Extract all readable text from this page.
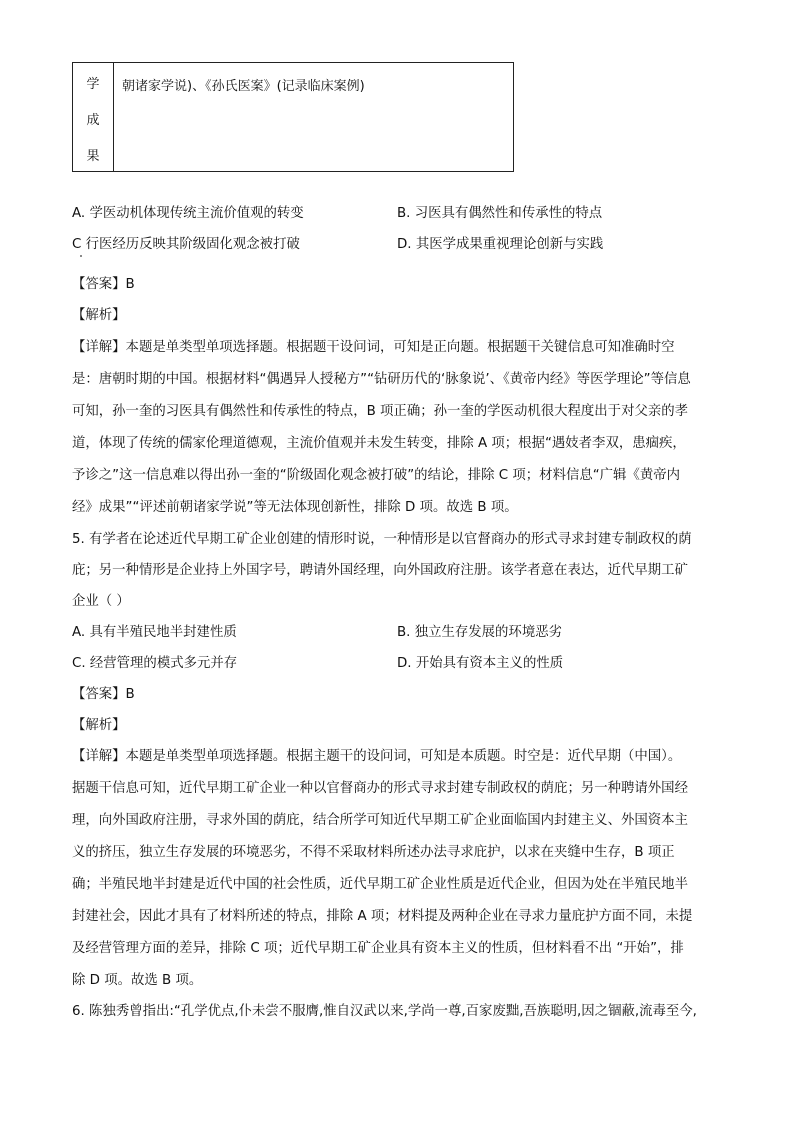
学
成
果
	朝诸家学说)、《孙氏医案》(记录临床案例)
A. 学医动机体现传统主流价值观的转变	B. 习医具有偶然性和传承性的特点
C 行医经历反映其阶级固化观念被打破	D. 其医学成果重视理论创新与实践
【答案】B
【解析】
【详解】本题是单类型单项选择题。根据题干设问词，可知是正向题。根据题干关键信息可知准确时空
是：唐朝时期的中国。根据材料“偶遇异人授秘方”“钻研历代的‘脉象说’、《黄帝内经》等医学理论”等信息
可知，孙一奎的习医具有偶然性和传承性的特点，B 项正确；孙一奎的学医动机很大程度出于对父亲的孝
道，体现了传统的儒家伦理道德观，主流价值观并未发生转变，排除 A 项；根据“遇妓者李双，患痼疾，
予诊之”这一信息难以得出孙一奎的“阶级固化观念被打破”的结论，排除 C 项；材料信息“广辑《黄帝内
经》成果”“评述前朝诸家学说”等无法体现创新性，排除 D 项。故选 B 项。
5. 有学者在论述近代早期工矿企业创建的情形时说，一种情形是以官督商办的形式寻求封建专制政权的荫
庇；另一种情形是企业持上外国字号，聘请外国经理，向外国政府注册。该学者意在表达，近代早期工矿
企业（ ）
A. 具有半殖民地半封建性质	B. 独立生存发展的环境恶劣
C. 经营管理的模式多元并存	D. 开始具有资本主义的性质
【答案】B
【解析】
【详解】本题是单类型单项选择题。根据主题干的设问词，可知是本质题。时空是：近代早期（中国）。
据题干信息可知，近代早期工矿企业一种以官督商办的形式寻求封建专制政权的荫庇；另一种聘请外国经
理，向外国政府注册，寻求外国的荫庇，结合所学可知近代早期工矿企业面临国内封建主义、外国资本主
义的挤压，独立生存发展的环境恶劣，不得不采取材料所述办法寻求庇护，以求在夹缝中生存，B 项正
确；半殖民地半封建是近代中国的社会性质，近代早期工矿企业性质是近代企业，但因为处在半殖民地半
封建社会，因此才具有了材料所述的特点，排除 A 项；材料提及两种企业在寻求力量庇护方面不同，未提
及经营管理方面的差异，排除 C 项；近代早期工矿企业具有资本主义的性质，但材料看不出 “开始”，排
除 D 项。故选 B 项。
6. 陈独秀曾指出:“孔学优点,仆未尝不服膺,惟自汉武以来,学尚一尊,百家废黜,吾族聪明,因之锢蔽,流毒至今,
